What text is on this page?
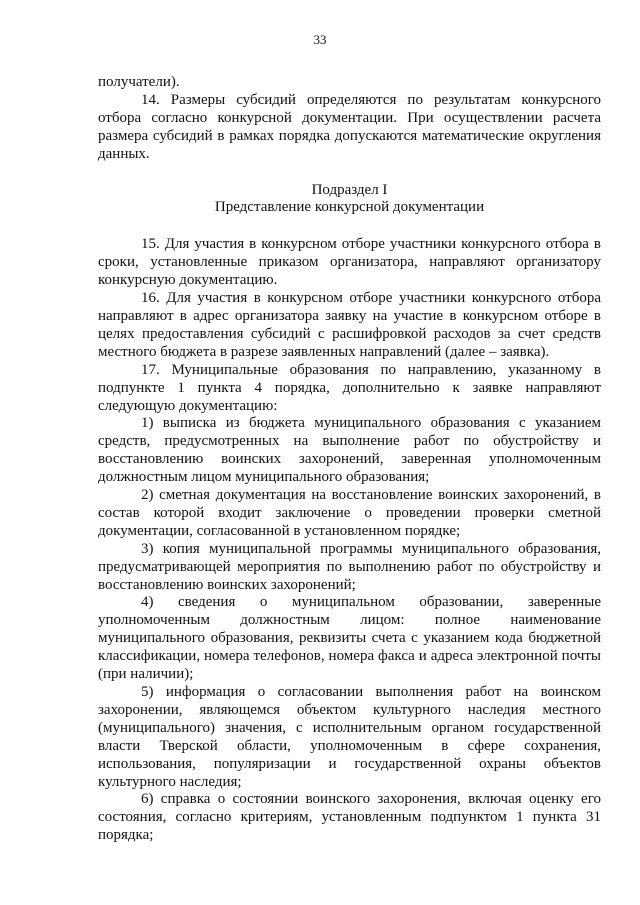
33

получатели).

14. Размеры субсидий определяются по результатам конкурсного отбора согласно конкурсной документации. При осуществлении расчета размера субсидий в рамках порядка допускаются математические округления данных.

Подраздел I

Представление конкурсной документации

15. Для участия в конкурсном отборе участники конкурсного отбора в сроки, установленные приказом организатора, направляют организатору конкурсную документацию.

16. Для участия в конкурсном отборе участники конкурсного отбора направляют в адрес организатора заявку на участие в конкурсном отборе в целях предоставления субсидий с расшифровкой расходов за счет средств местного бюджета в разрезе заявленных направлений (далее – заявка).

17. Муниципальные образования по направлению, указанному в подпункте 1 пункта 4 порядка, дополнительно к заявке направляют следующую документацию:

1) выписка из бюджета муниципального образования с указанием средств, предусмотренных на выполнение работ по обустройству и восстановлению воинских захоронений, заверенная уполномоченным должностным лицом муниципального образования;

2) сметная документация на восстановление воинских захоронений, в состав которой входит заключение о проведении проверки сметной документации, согласованной в установленном порядке;

3) копия муниципальной программы муниципального образования, предусматривающей мероприятия по выполнению работ по обустройству и восстановлению воинских захоронений;

4) сведения о муниципальном образовании, заверенные уполномоченным должностным лицом: полное наименование муниципального образования, реквизиты счета с указанием кода бюджетной классификации, номера телефонов, номера факса и адреса электронной почты (при наличии);

5) информация о согласовании выполнения работ на воинском захоронении, являющемся объектом культурного наследия местного (муниципального) значения, с исполнительным органом государственной власти Тверской области, уполномоченным в сфере сохранения, использования, популяризации и государственной охраны объектов культурного наследия;

6) справка о состоянии воинского захоронения, включая оценку его состояния, согласно критериям, установленным подпунктом 1 пункта 31 порядка;
